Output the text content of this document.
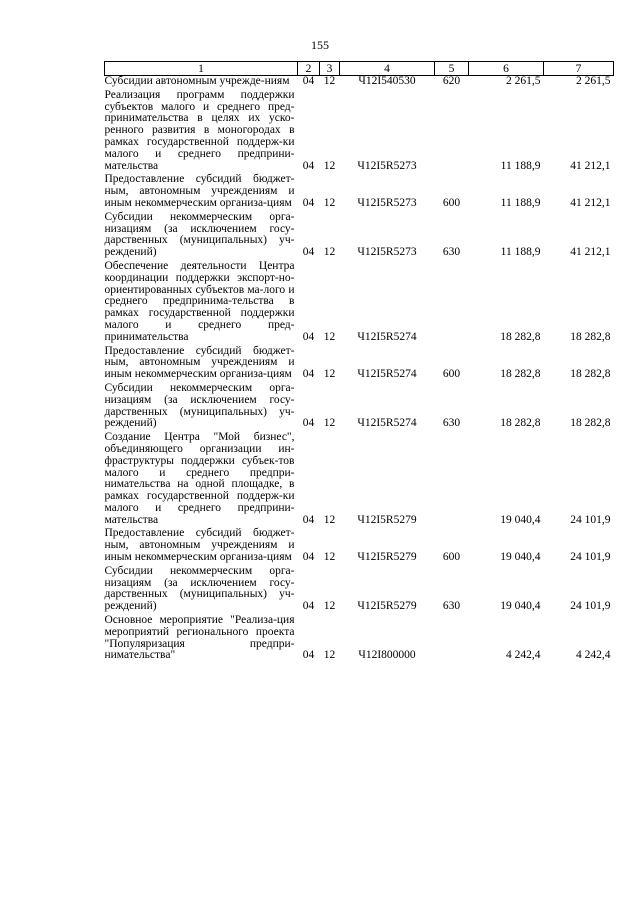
155
1	2	3	4	5	6	7
Субсидии автономным учрежде-ниям	04	12	Ч12I540530	620	2 261,5	2 261,5
Реализация программ поддержки субъектов малого и среднего пред-принимательства в целях их уско-ренного развития в моногородах в рамках государственной поддерж-ки малого и среднего предприни-мательства	04	12	Ч12I5R5273		11 188,9	41 212,1
Предоставление субсидий бюджет-ным, автономным учреждениям и иным некоммерческим организа-циям	04	12	Ч12I5R5273	600	11 188,9	41 212,1
Субсидии некоммерческим орга-низациям (за исключением госу-дарственных (муниципальных) уч-реждений)	04	12	Ч12I5R5273	630	11 188,9	41 212,1
Обеспечение деятельности Центра координации поддержки экспорт-но-ориентированных субъектов ма-лого и среднего предпринима-тельства в рамках государственной поддержки малого и среднего пред-принимательства	04	12	Ч12I5R5274		18 282,8	18 282,8
Предоставление субсидий бюджет-ным, автономным учреждениям и иным некоммерческим организа-циям	04	12	Ч12I5R5274	600	18 282,8	18 282,8
Субсидии некоммерческим орга-низациям (за исключением госу-дарственных (муниципальных) уч-реждений)	04	12	Ч12I5R5274	630	18 282,8	18 282,8
Создание Центра "Мой бизнес", объединяющего организации ин-фраструктуры поддержки субъек-тов малого и среднего предпри-нимательства на одной площадке, в рамках государственной поддерж-ки малого и среднего предприни-мательства	04	12	Ч12I5R5279		19 040,4	24 101,9
Предоставление субсидий бюджет-ным, автономным учреждениям и иным некоммерческим организа-циям	04	12	Ч12I5R5279	600	19 040,4	24 101,9
Субсидии некоммерческим орга-низациям (за исключением госу-дарственных (муниципальных) уч-реждений)	04	12	Ч12I5R5279	630	19 040,4	24 101,9
Основное мероприятие "Реализа-ция мероприятий регионального проекта "Популяризация предпри-нимательства"	04	12	Ч12I800000		4 242,4	4 242,4
